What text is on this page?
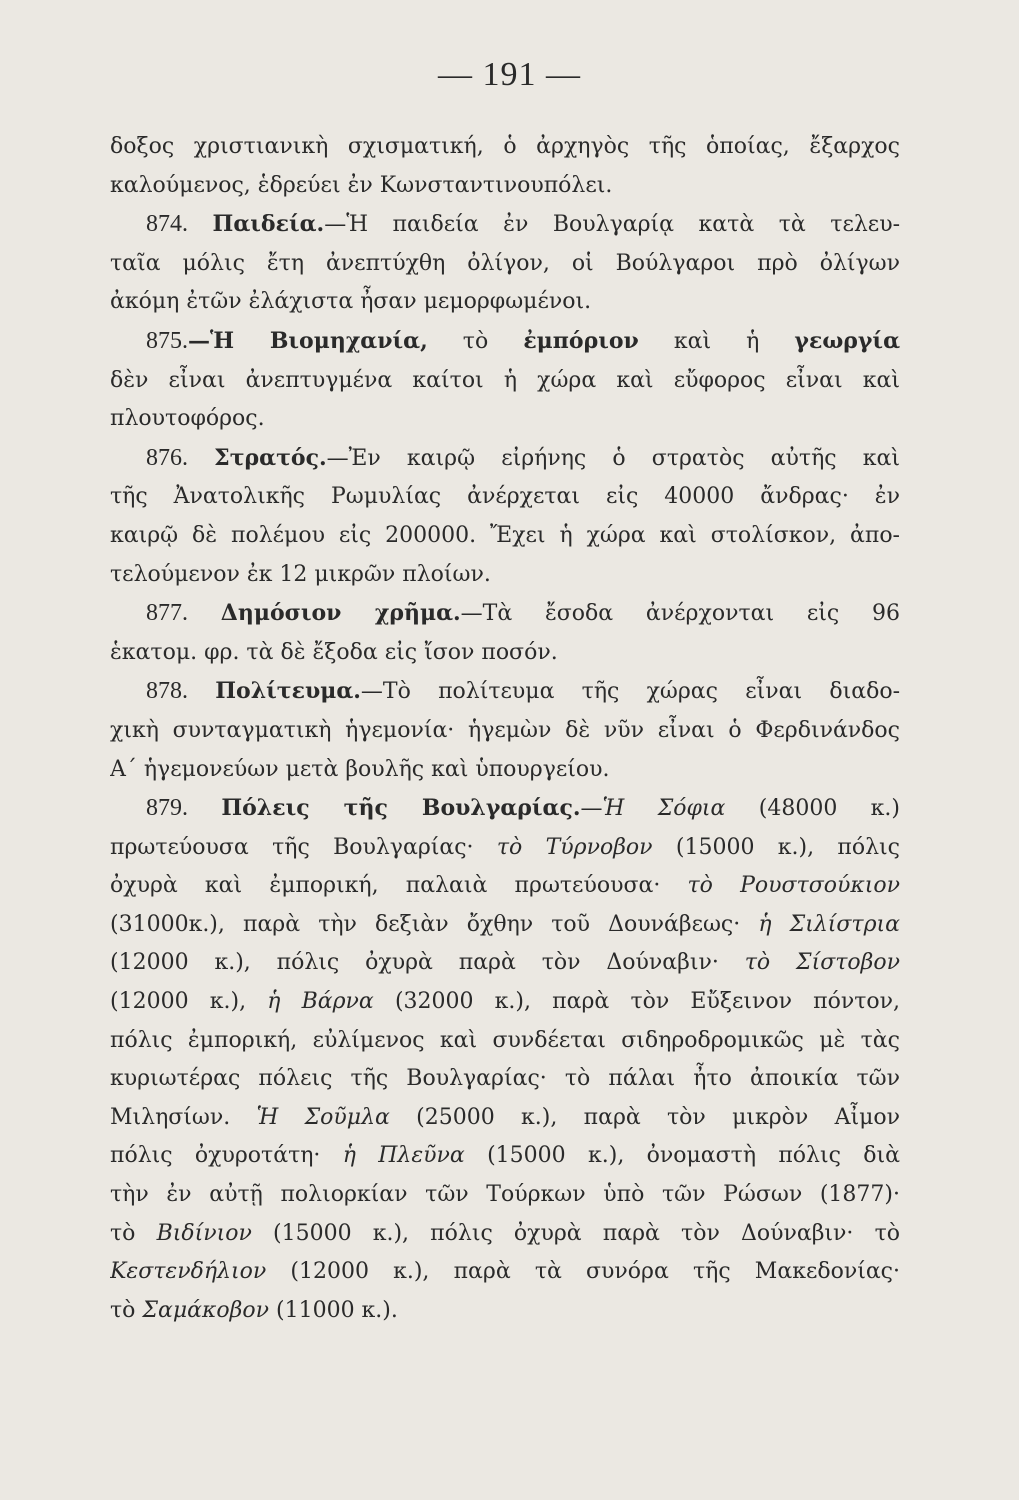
— 191 —

δοξος χριστιανικὴ σχισματική, ὁ ἀρχηγὸς τῆς ὁποίας, ἔξαρχος
καλούμενος, ἑδρεύει ἐν Κωνσταντινουπόλει.

874. Παιδεία.—Ἡ παιδεία ἐν Βουλγαρίᾳ κατὰ τὰ τελευ-
ταῖα μόλις ἔτη ἀνεπτύχθη ὀλίγον, οἱ Βούλγαροι πρὸ ὀλίγων
ἀκόμη ἐτῶν ἐλάχιστα ἦσαν μεμορφωμένοι.

875.—Ἡ Βιομηχανία, τὸ ἐμπόριον καὶ ἡ γεωργία
δὲν εἶναι ἀνεπτυγμένα καίτοι ἡ χώρα καὶ εὔφορος εἶναι καὶ
πλουτοφόρος.

876. Στρατός.—Ἐν καιρῷ εἰρήνης ὁ στρατὸς αὐτῆς καὶ
τῆς Ἀνατολικῆς Ρωμυλίας ἀνέρχεται εἰς 40000 ἄνδρας· ἐν
καιρῷ δὲ πολέμου εἰς 200000. Ἔχει ἡ χώρα καὶ στολίσκον, ἀπο-
τελούμενον ἐκ 12 μικρῶν πλοίων.

877. Δημόσιον χρῆμα.—Τὰ ἔσοδα ἀνέρχονται εἰς 96
ἑκατομ. φρ. τὰ δὲ ἔξοδα εἰς ἴσον ποσόν.

878. Πολίτευμα.—Τὸ πολίτευμα τῆς χώρας εἶναι διαδο-
χικὴ συνταγματικὴ ἡγεμονία· ἡγεμὼν δὲ νῦν εἶναι ὁ Φερδινάνδος
Α΄ ἡγεμονεύων μετὰ βουλῆς καὶ ὑπουργείου.

879. Πόλεις τῆς Βουλγαρίας.—Ἡ Σόφια (48000 κ.)
πρωτεύουσα τῆς Βουλγαρίας· τὸ Τύρνοβον (15000 κ.), πόλις
ὀχυρὰ καὶ ἐμπορική, παλαιὰ πρωτεύουσα· τὸ Ρουστσούκιον
(31000κ.), παρὰ τὴν δεξιὰν ὄχθην τοῦ Δουνάβεως· ἡ Σιλίστρια
(12000 κ.), πόλις ὀχυρὰ παρὰ τὸν Δούναβιν· τὸ Σίστοβον
(12000 κ.), ἡ Βάρνα (32000 κ.), παρὰ τὸν Εὔξεινον πόντον,
πόλις ἐμπορική, εὐλίμενος καὶ συνδέεται σιδηροδρομικῶς μὲ τὰς
κυριωτέρας πόλεις τῆς Βουλγαρίας· τὸ πάλαι ἦτο ἀποικία τῶν
Μιλησίων. Ἡ Σοῦμλα (25000 κ.), παρὰ τὸν μικρὸν Αἶμον
πόλις ὀχυροτάτη· ἡ Πλεῦνα (15000 κ.), ὀνομαστὴ πόλις διὰ
τὴν ἐν αὐτῇ πολιορκίαν τῶν Τούρκων ὑπὸ τῶν Ρώσων (1877)·
τὸ Βιδίνιον (15000 κ.), πόλις ὀχυρὰ παρὰ τὸν Δούναβιν· τὸ
Κεστενδήλιον (12000 κ.), παρὰ τὰ συνόρα τῆς Μακεδονίας·
τὸ Σαμάκοβον (11000 κ.).
